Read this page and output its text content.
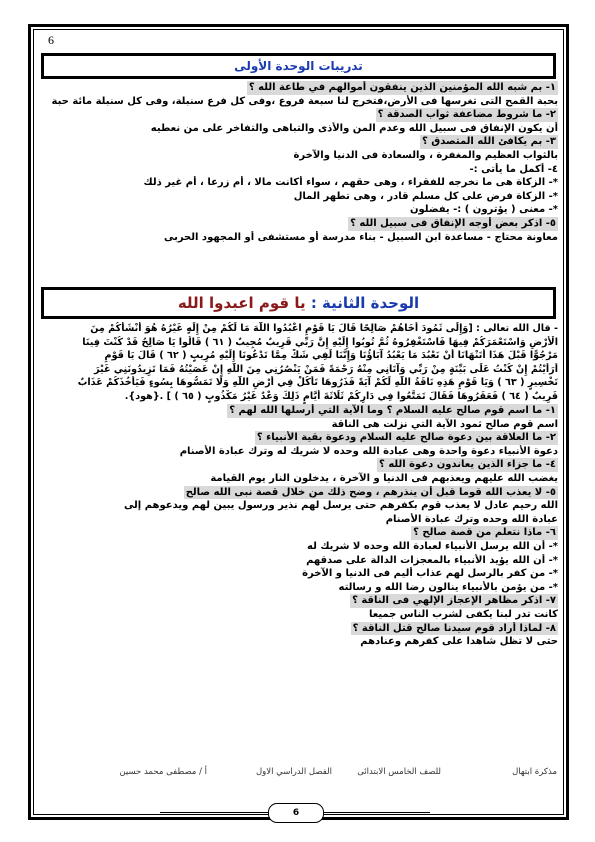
6
تدريبات الوحدة الأولى
١- بم شبه الله المؤمنين الذين ينفقون أموالهم في طاعة الله ؟
بحبة القمح التى تغرسها فى الأرض،فتخرج لنا سبعة فروع ،وفى كل فرع سنبلة، وفى كل سنبلة مائة حبة
٢- ما شروط مضاعفة ثواب الصدقة ؟
أن يكون الإنفاق فى سبيل الله وعدم المن والأذى والتباهى والتفاخر على من نعطيه
٣- بم يكافئ الله المتصدق ؟
بالثواب العظيم والمغفرة ، والسعادة فى الدنيا والآخرة
٤- أكمل ما يأتى :-
*- الزكاة هى ما نخرجه للفقراء ، وهى حقهم ، سواء أكانت مالا ، أم زرعا ، أم غير ذلك
*- الزكاة فرض على كل مسلم قادر ، وهى تطهر المال
*- معنى ( يؤترون ) :- يفضلون
٥- اذكر بعض أوجه الإنفاق فى سبيل الله ؟
معاونة محتاج - مساعدة ابن السبيل - بناء مدرسة أو مستشفى أو المجهود الحربى
الوحدة الثانية : يا قوم اعبدوا الله
- قال الله تعالى : [وَإِلَى ثَمُودَ أَخَاهُمْ صَالِحًا قَالَ يَا قَوْمِ اعْبُدُوا اللَّهَ مَا لَكُمْ مِنْ إِلَهٍ غَيْرُهُ هُوَ أَنْشَأَكُمْ مِنَ
الْأَرْضِ وَاسْتَعْمَرَكُمْ فِيهَا فَاسْتَغْفِرُوهُ ثُمَّ تُوبُوا إِلَيْهِ إِنَّ رَبِّي قَرِيبٌ مُجِيبٌ ( ٦١ ) قَالُوا يَا صَالِحُ قَدْ كُنْتَ فِينَا
مَرْجُوًّا قَبْلَ هَذَا أَتَنْهَانَا أَنْ نَعْبُدَ مَا يَعْبُدُ آبَاؤُنَا وَإِنَّنَا لَفِي شَكٍّ مِمَّا تَدْعُونَا إِلَيْهِ مُرِيبٍ ( ٦٢ ) قَالَ يَا قَوْمِ
أَرَأَيْتُمْ إِنْ كُنْتُ عَلَى بَيِّنَةٍ مِنْ رَبِّي وَآتَانِي مِنْهُ رَحْمَةً فَمَنْ يَنْصُرُنِي مِنَ اللَّهِ إِنْ عَصَيْتُهُ فَمَا تَزِيدُونَنِي غَيْرَ
تَخْسِيرٍ ( ٦٣ ) وَيَا قَوْمِ هَذِهِ نَاقَةُ اللَّهِ لَكُمْ آيَةً فَذَرُوهَا تَأْكُلْ فِي أَرْضِ اللَّهِ وَلَا تَمَسُّوهَا بِسُوءٍ فَيَأْخُذَكُمْ عَذَابٌ
قَرِيبٌ ( ٦٤ ) فَعَقَرُوهَا فَقَالَ تَمَتَّعُوا فِي دَارِكُمْ ثَلَاثَةَ أَيَّامٍ ذَلِكَ وَعْدٌ غَيْرُ مَكْذُوبٍ ( ٦٥ ) ] .{هود}.
١- ما اسم قوم صالح عليه السلام ؟ وما الآية التي أرسلها الله لهم ؟
اسم قوم صالح ثمود الآية التي نزلت هى الناقة
٢- ما العلاقة بين دعوة صالح عليه السلام ودعوة بقية الأنبياء ؟
دعوة الأنبياء دعوة واحدة وهى عبادة الله وحده لا شريك له وترك عبادة الأصنام
٤- ما جزاء الذين يعاندون دعوة الله ؟
يغضب الله عليهم ويعذبهم فى الدنيا و الآخرة ، يدخلون النار يوم القيامة
٥- لا يعذب الله قوما قبل أن ينذرهم ، وضح ذلك من خلال قصة نبى الله صالح
الله رحيم عادل لا يعذب قوم بكفرهم حتى يرسل لهم نذير ورسول يبين لهم ويدعوهم إلى
عبادة الله وحده وترك عبادة الأصنام
٦- ماذا نتعلم من قصة صالح ؟
*- أن الله يرسل الأنبياء لعبادة الله وحده لا شريك له
*- أن الله يؤيد الأنبياء بالمعجزات الدالة على صدقهم
*- من كفر بالرسل لهم عذاب أليم فى الدنيا و الآخرة
*- من يؤمن بالأنبياء ينالون رضا الله و رسالته
٧- اذكر مظاهر الإعجاز الإلهي فى الناقة ؟
كانت تدر لبنا يكفى لشرب الناس جميعا
٨- لماذا أراد قوم سيدنا صالح قتل الناقة ؟
حتى لا تظل شاهدا على كفرهم وعنادهم
مذكرة ابتهال
للصف الخامس الابتدائى
الفصل الدراسي الاول
أ / مصطفى محمد حسين
6
